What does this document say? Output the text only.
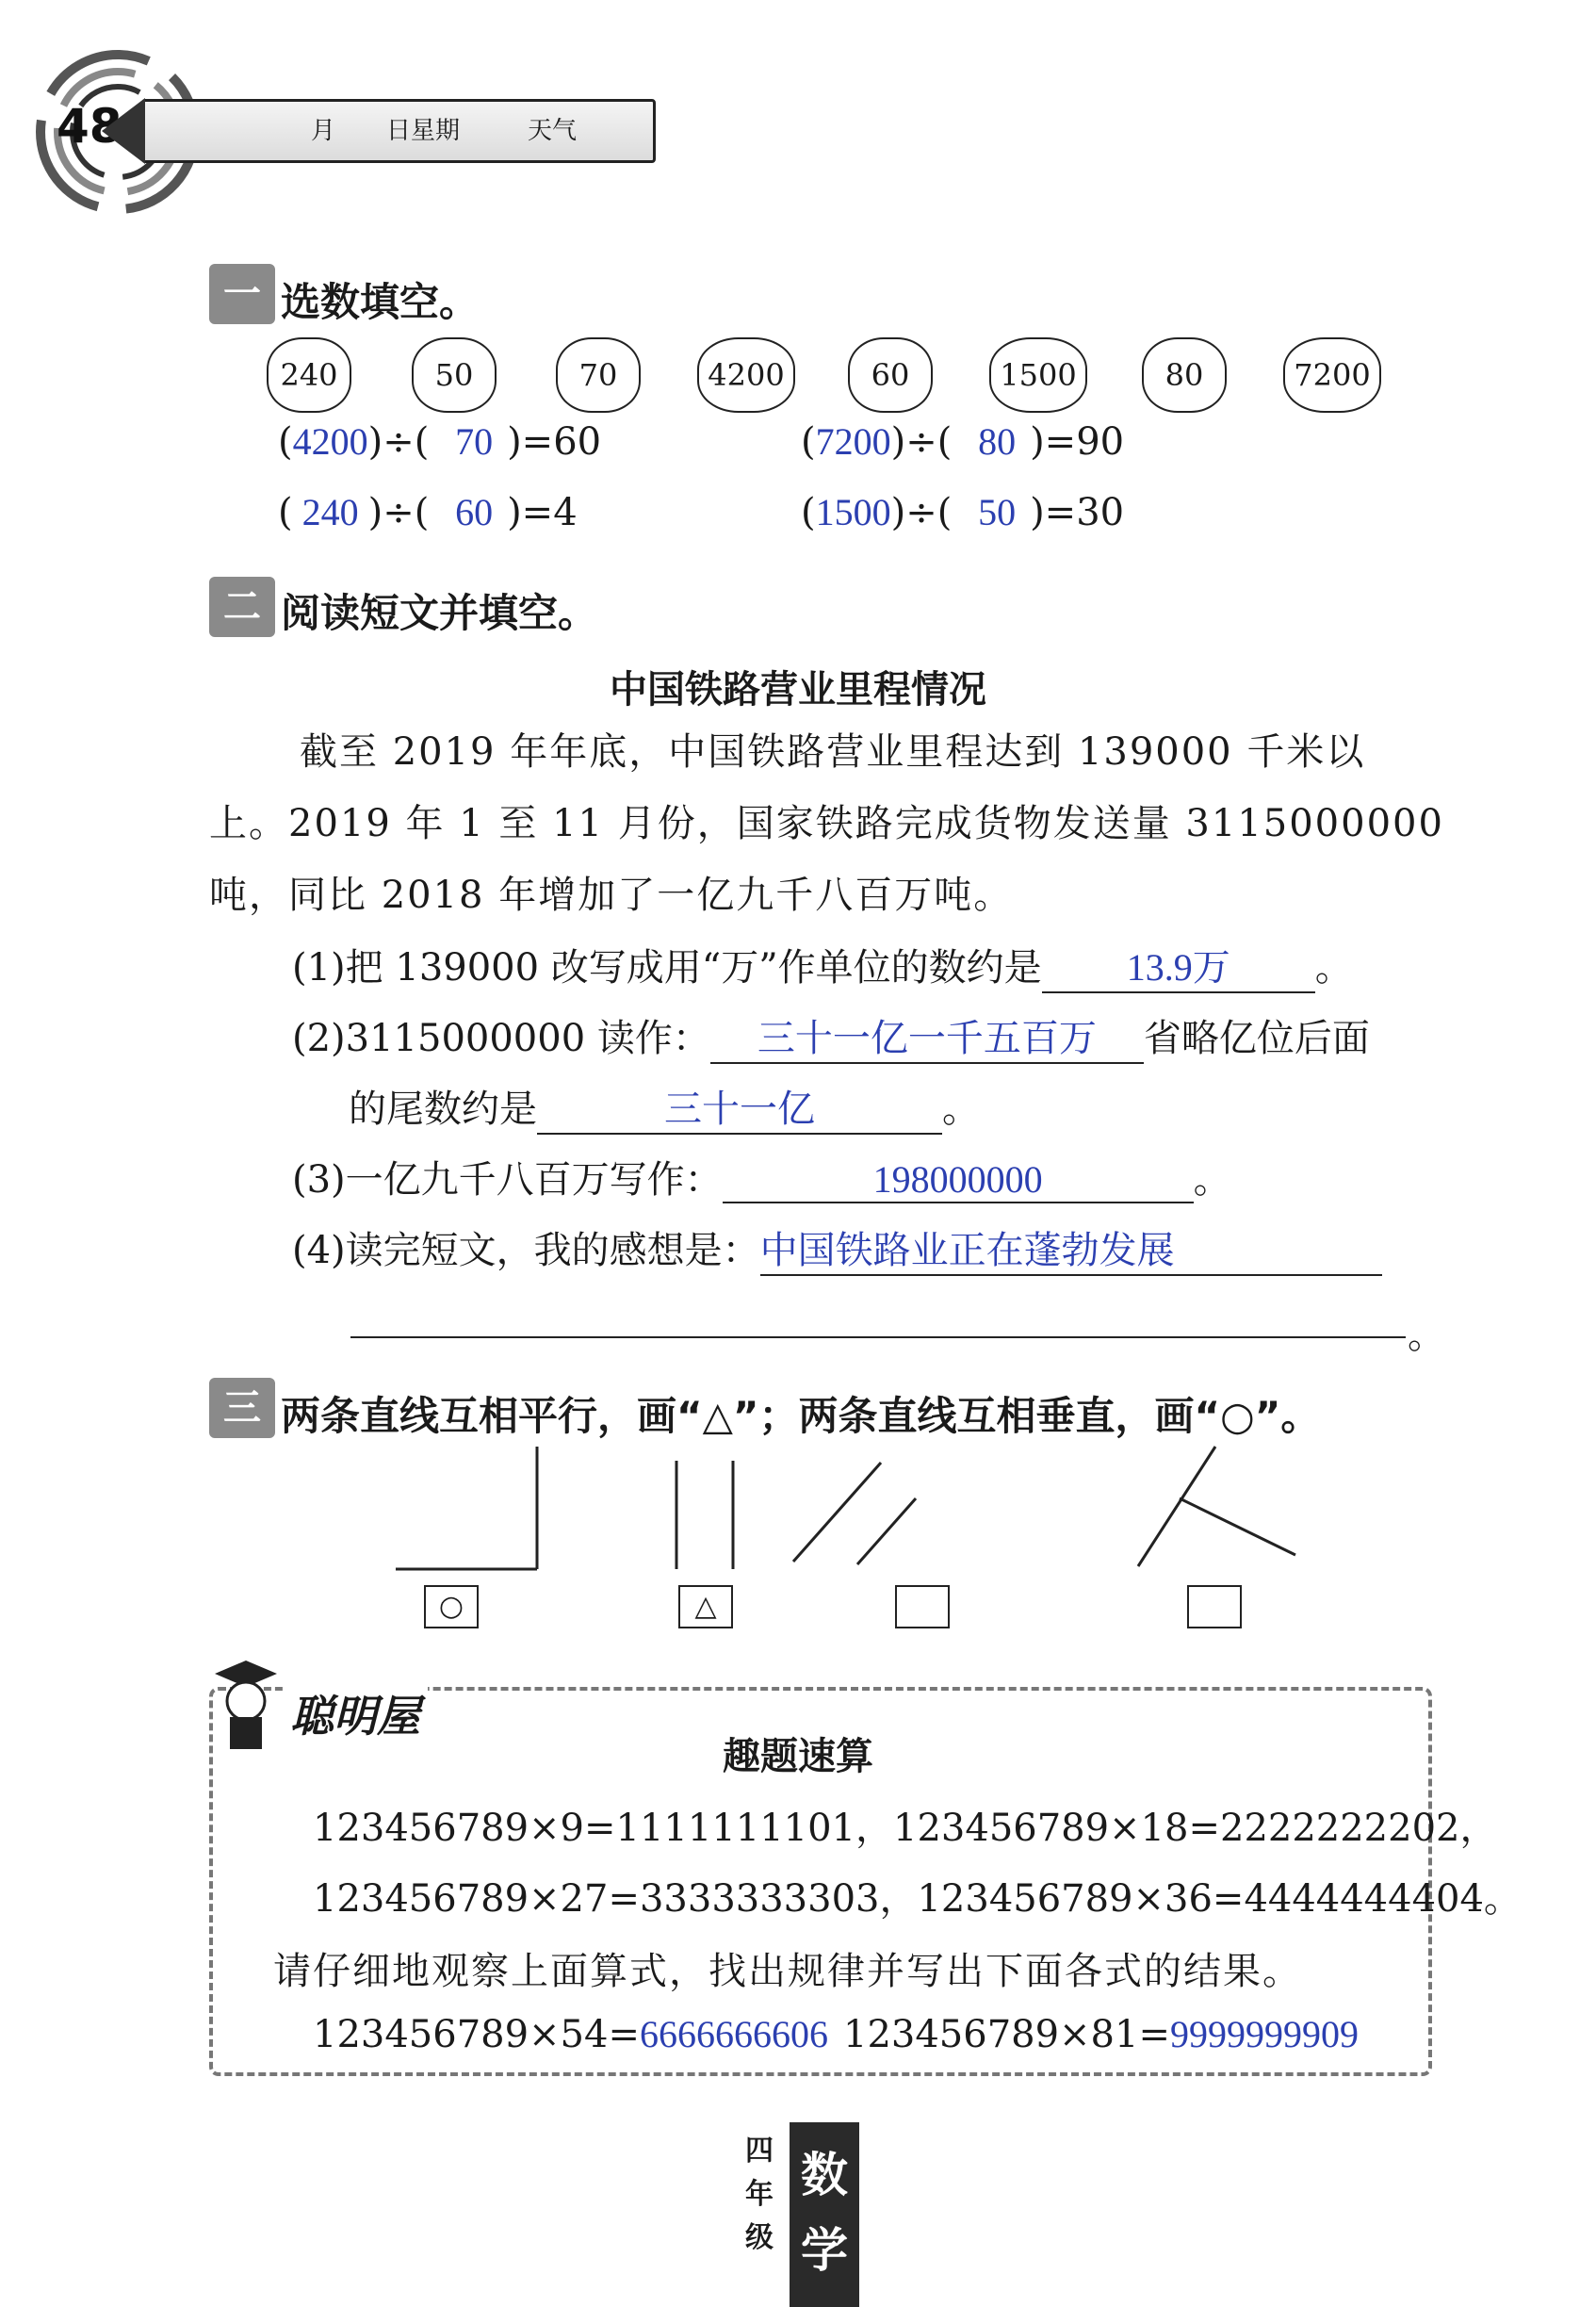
48	月 日星期	天气
一 选数填空。
240	50	70	4200	60	1500	80	7200
(4200)÷( 70 )=60	(7200)÷( 80 )=90
( 240 )÷( 60 )=4	(1500)÷( 50 )=30
二 阅读短文并填空。
中国铁路营业里程情况
截至 2019 年年底，中国铁路营业里程达到 139000 千米以
上。2019 年 1 至 11 月份，国家铁路完成货物发送量 3115000000
吨，同比 2018 年增加了一亿九千八百万吨。
(1)把 139000 改写成用“万”作单位的数约是 13.9万 。
(2)3115000000 读作： 三十一亿一千五百万 省略亿位后面
的尾数约是	三十一亿	。
(3)一亿九千八百万写作：	198000000	。
(4)读完短文，我的感想是：中国铁路业正在蓬勃发展
。
三 两条直线互相平行，画“△”；两条直线互相垂直，画“○”。
○	△
聪明屋
趣题速算
123456789×9=1111111101，123456789×18=2222222202，
123456789×27=3333333303，123456789×36=4444444404。
请仔细地观察上面算式，找出规律并写出下面各式的结果。
123456789×54=6666666606 123456789×81=9999999909
四
年
级
数
学
